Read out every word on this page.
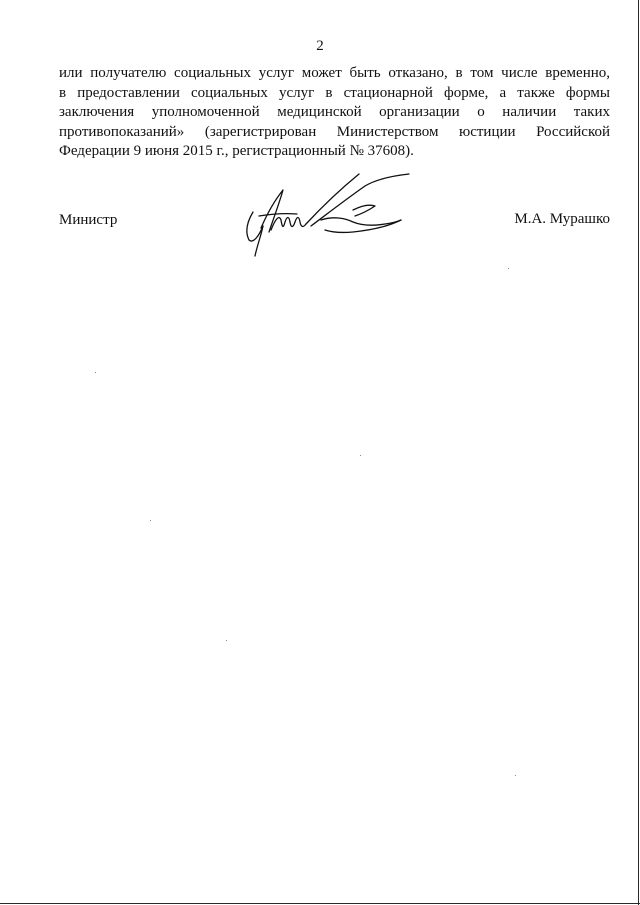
2

или получателю социальных услуг может быть отказано, в том числе временно,
в предоставлении социальных услуг в стационарной форме, а также формы
заключения уполномоченной медицинской организации о наличии таких
противопоказаний» (зарегистрирован Министерством юстиции Российской
Федерации 9 июня 2015 г., регистрационный № 37608).

Министр	М.А. Мурашко
